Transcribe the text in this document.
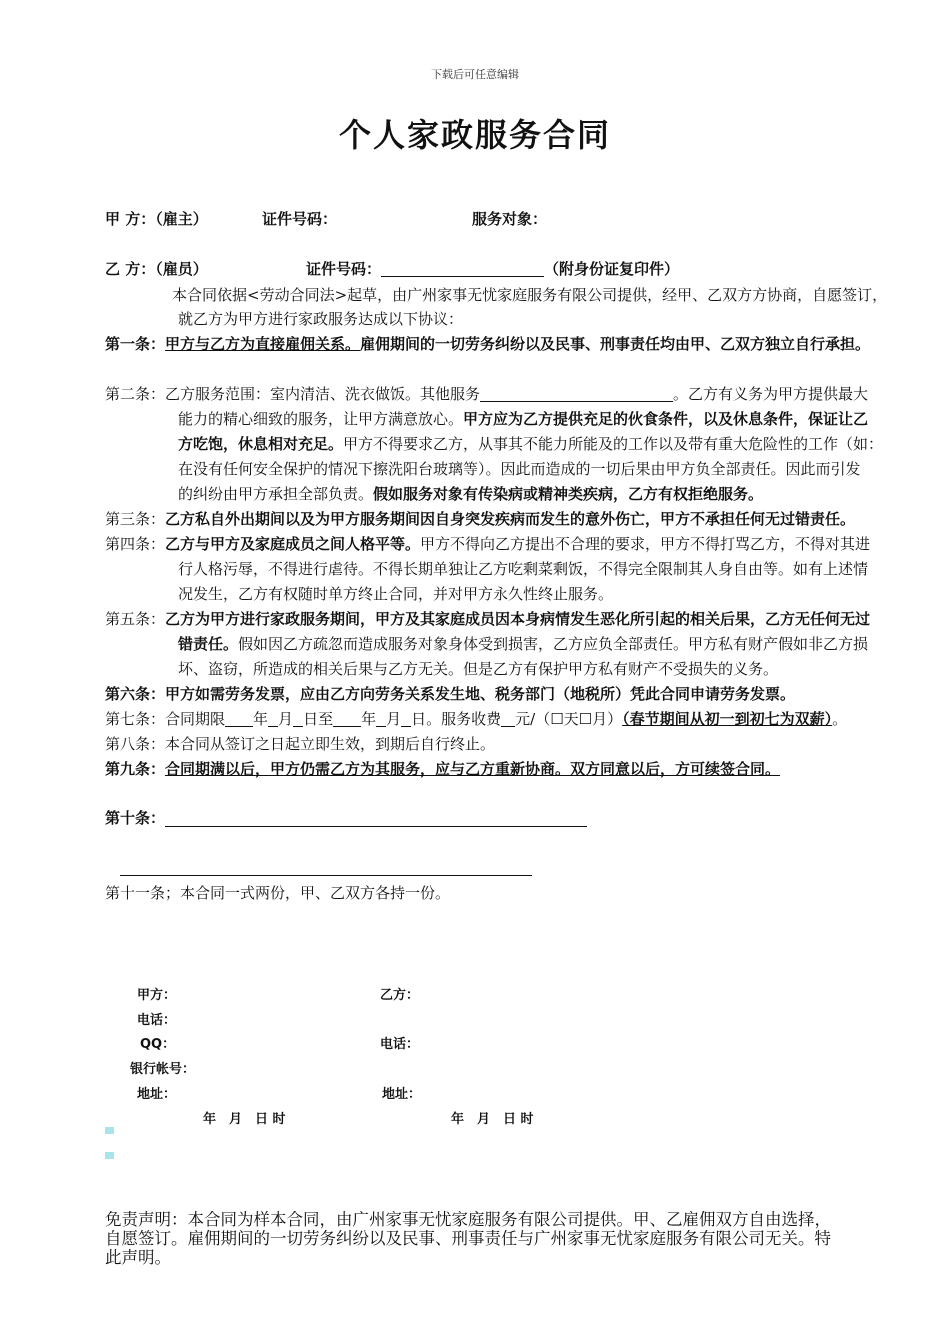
下载后可任意编辑
个人家政服务合同
甲 方：（雇主）	证件号码：	服务对象：
乙 方：（雇员）	证件号码：	（附身份证复印件）
本合同依据<劳动合同法>起草，由广州家事无忧家庭服务有限公司提供，经甲、乙双方方协商，自愿签订，
就乙方为甲方进行家政服务达成以下协议：
第一条：甲方与乙方为直接雇佣关系。雇佣期间的一切劳务纠纷以及民事、刑事责任均由甲、乙双方独立自行承担。
第二条：乙方服务范围：室内清洁、洗衣做饭。其他服务	。乙方有义务为甲方提供最大
能力的精心细致的服务，让甲方满意放心。甲方应为乙方提供充足的伙食条件，以及休息条件，保证让乙
方吃饱，休息相对充足。甲方不得要求乙方，从事其不能力所能及的工作以及带有重大危险性的工作（如：
在没有任何安全保护的情况下擦洗阳台玻璃等）。因此而造成的一切后果由甲方负全部责任。因此而引发
的纠纷由甲方承担全部负责。假如服务对象有传染病或精神类疾病，乙方有权拒绝服务。
第三条：乙方私自外出期间以及为甲方服务期间因自身突发疾病而发生的意外伤亡，甲方不承担任何无过错责任。
第四条：乙方与甲方及家庭成员之间人格平等。甲方不得向乙方提出不合理的要求，甲方不得打骂乙方，不得对其进
行人格污辱，不得进行虐待。不得长期单独让乙方吃剩菜剩饭，不得完全限制其人身自由等。如有上述情
况发生，乙方有权随时单方终止合同，并对甲方永久性终止服务。
第五条：乙方为甲方进行家政服务期间，甲方及其家庭成员因本身病情发生恶化所引起的相关后果，乙方无任何无过
错责任。假如因乙方疏忽而造成服务对象身体受到损害，乙方应负全部责任。甲方私有财产假如非乙方损
坏、盗窃，所造成的相关后果与乙方无关。但是乙方有保护甲方私有财产不受损失的义务。
第六条：甲方如需劳务发票，应由乙方向劳务关系发生地、税务部门（地税所）凭此合同申请劳务发票。
第七条：合同期限 年 月 日至 年 月 日。服务收费 元/（☐天☐月）（春节期间从初一到初七为双薪）。
第八条：本合同从签订之日起立即生效，到期后自行终止。
第九条：合同期满以后，甲方仍需乙方为其服务，应与乙方重新协商。双方同意以后，方可续签合同。
第十条：
第十一条；本合同一式两份，甲、乙双方各持一份。
甲方：	乙方：
电话：
QQ：	电话：
银行帐号：
地址：	地址：
年　月　日 时	年　月　日 时
免责声明：本合同为样本合同，由广州家事无忧家庭服务有限公司提供。甲、乙雇佣双方自由选择，自愿签订。雇佣期间的一切劳务纠纷以及民事、刑事责任与广州家事无忧家庭服务有限公司无关。特此声明。
